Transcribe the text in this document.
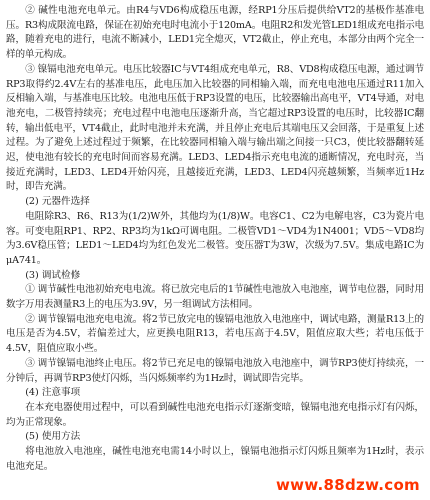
② 碱性电池充电单元。由R4与VD6构成稳压电源，经RP1分压后提供给VT2的基极作基准电压。R3构成限流电路，保证在初始充电时电流小于120mA。电阻R2和发光管LED1组成充电指示电路，随着充电的进行，电流不断减小，LED1完全熄灭，VT2截止，停止充电，本部分由两个完全一样的单元构成。

③ 镍镉电池充电单元。电压比较器IC与VT4组成充电单元，R8、VD8构成稳压电源，通过调节RP3取得约2.4V左右的基准电压，此电压加入比较器的同相输入端，而充电电池电压通过R11加入反相输入端，与基准电压比较。电池电压低于RP3设置的电压，比较器输出高电平，VT4导通，对电池充电，二极管持续亮；充电过程中电池电压逐渐升高，当它超过RP3设置的电压时，比较器IC翻转，输出低电平，VT4截止，此时电池并未充满，并且停止充电后其端电压又会回落，于是重复上述过程。为了避免上述过程过于频繁，在比较器同相输入端与输出端之间接一只C3，使比较器翻转延迟，使电池有较长的充电时间而容易充满。LED3、LED4指示充电电流的通断情况，充电时亮，当接近充满时，LED3、LED4开始闪亮，且越接近充满，LED3、LED4闪亮越频繁，当频率近1Hz时，即告充满。

(2) 元器件选择

电阻除R3、R6、R13为(1/2)W外，其他均为(1/8)W。电容C1、C2为电解电容，C3为瓷片电容。可变电阻RP1、RP2、RP3均为1kΩ可调电阻。二极管VD1～VD4为1N4001；VD5～VD8均为3.6V稳压管；LED1～LED4均为红色发光二极管。变压器T为3W，次级为7.5V。集成电路IC为μA741。

(3) 调试检修

① 调节碱性电池初始充电电流。将已放完电后的1节碱性电池放入电池座，调节电位器，同时用数字万用表测量R3上的电压为3.9V，另一组调试方法相同。

② 调节镍镉电池充电电流。将2节已放完电的镍镉电池放入电池座中，调试电路，测量R13上的电压是否为4.5V，若偏差过大，应更换电阻R13，若电压高于4.5V，阻值应取大些；若电压低于4.5V，阻值应取小些。

③ 调节镍镉电池终止电压。将2节已充足电的镍镉电池放入电池座中，调节RP3使灯持续亮，一分钟后，再调节RP3使灯闪烁，当闪烁频率约为1Hz时，调试即告完毕。

(4) 注意事项

在本充电器使用过程中，可以看到碱性电池充电指示灯逐渐变暗，镍镉电池充电指示灯有闪烁，均为正常现象。

(5) 使用方法

将电池放入电池座，碱性电池充电需14小时以上，镍镉电池指示灯闪烁且频率为1Hz时，表示电池充足。

www.88dzw.com
